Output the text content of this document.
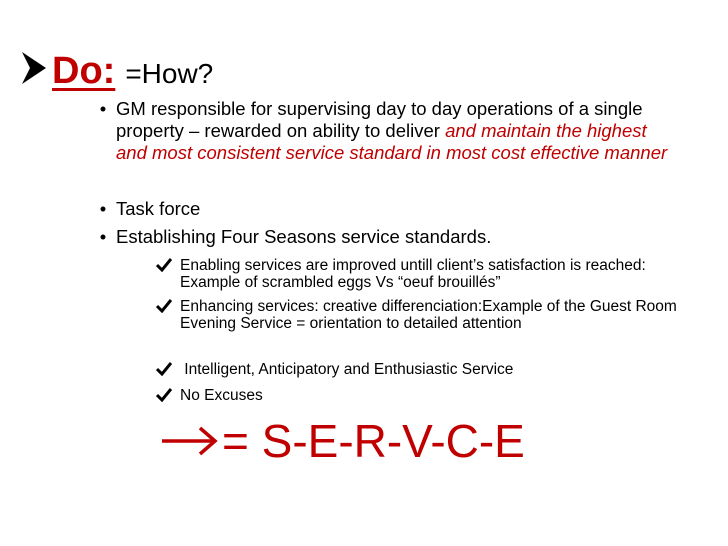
Do: =How?
• GM responsible for supervising day to day operations of a single property – rewarded on ability to deliver and maintain the highest and most consistent service standard in most cost effective manner
• Task force
• Establishing Four Seasons service standards.
Enabling services are improved untill client’s satisfaction is reached: Example of scrambled eggs Vs “oeuf brouillés”
Enhancing services: creative differenciation:Example of the Guest Room Evening Service = orientation to detailed attention
Intelligent, Anticipatory and Enthusiastic Service
No Excuses
= S-E-R-V-C-E
